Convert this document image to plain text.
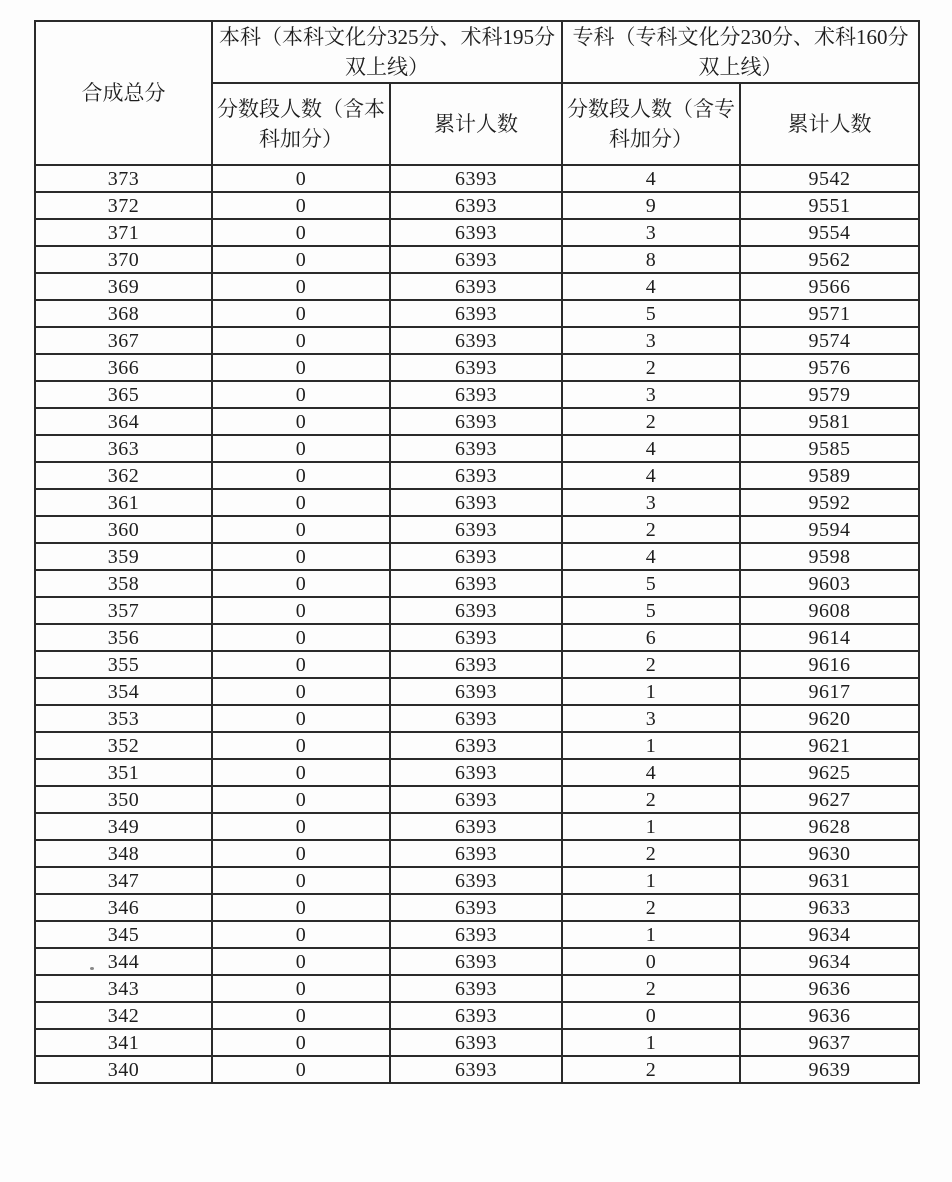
合成总分	本科（本科文化分325分、术科195分双上线）		专科（专科文化分230分、术科160分双上线）	
	分数段人数（含本科加分）	累计人数	分数段人数（含专科加分）	累计人数
373	0	6393	4	9542
372	0	6393	9	9551
371	0	6393	3	9554
370	0	6393	8	9562
369	0	6393	4	9566
368	0	6393	5	9571
367	0	6393	3	9574
366	0	6393	2	9576
365	0	6393	3	9579
364	0	6393	2	9581
363	0	6393	4	9585
362	0	6393	4	9589
361	0	6393	3	9592
360	0	6393	2	9594
359	0	6393	4	9598
358	0	6393	5	9603
357	0	6393	5	9608
356	0	6393	6	9614
355	0	6393	2	9616
354	0	6393	1	9617
353	0	6393	3	9620
352	0	6393	1	9621
351	0	6393	4	9625
350	0	6393	2	9627
349	0	6393	1	9628
348	0	6393	2	9630
347	0	6393	1	9631
346	0	6393	2	9633
345	0	6393	1	9634
344	0	6393	0	9634
343	0	6393	2	9636
342	0	6393	0	9636
341	0	6393	1	9637
340	0	6393	2	9639
